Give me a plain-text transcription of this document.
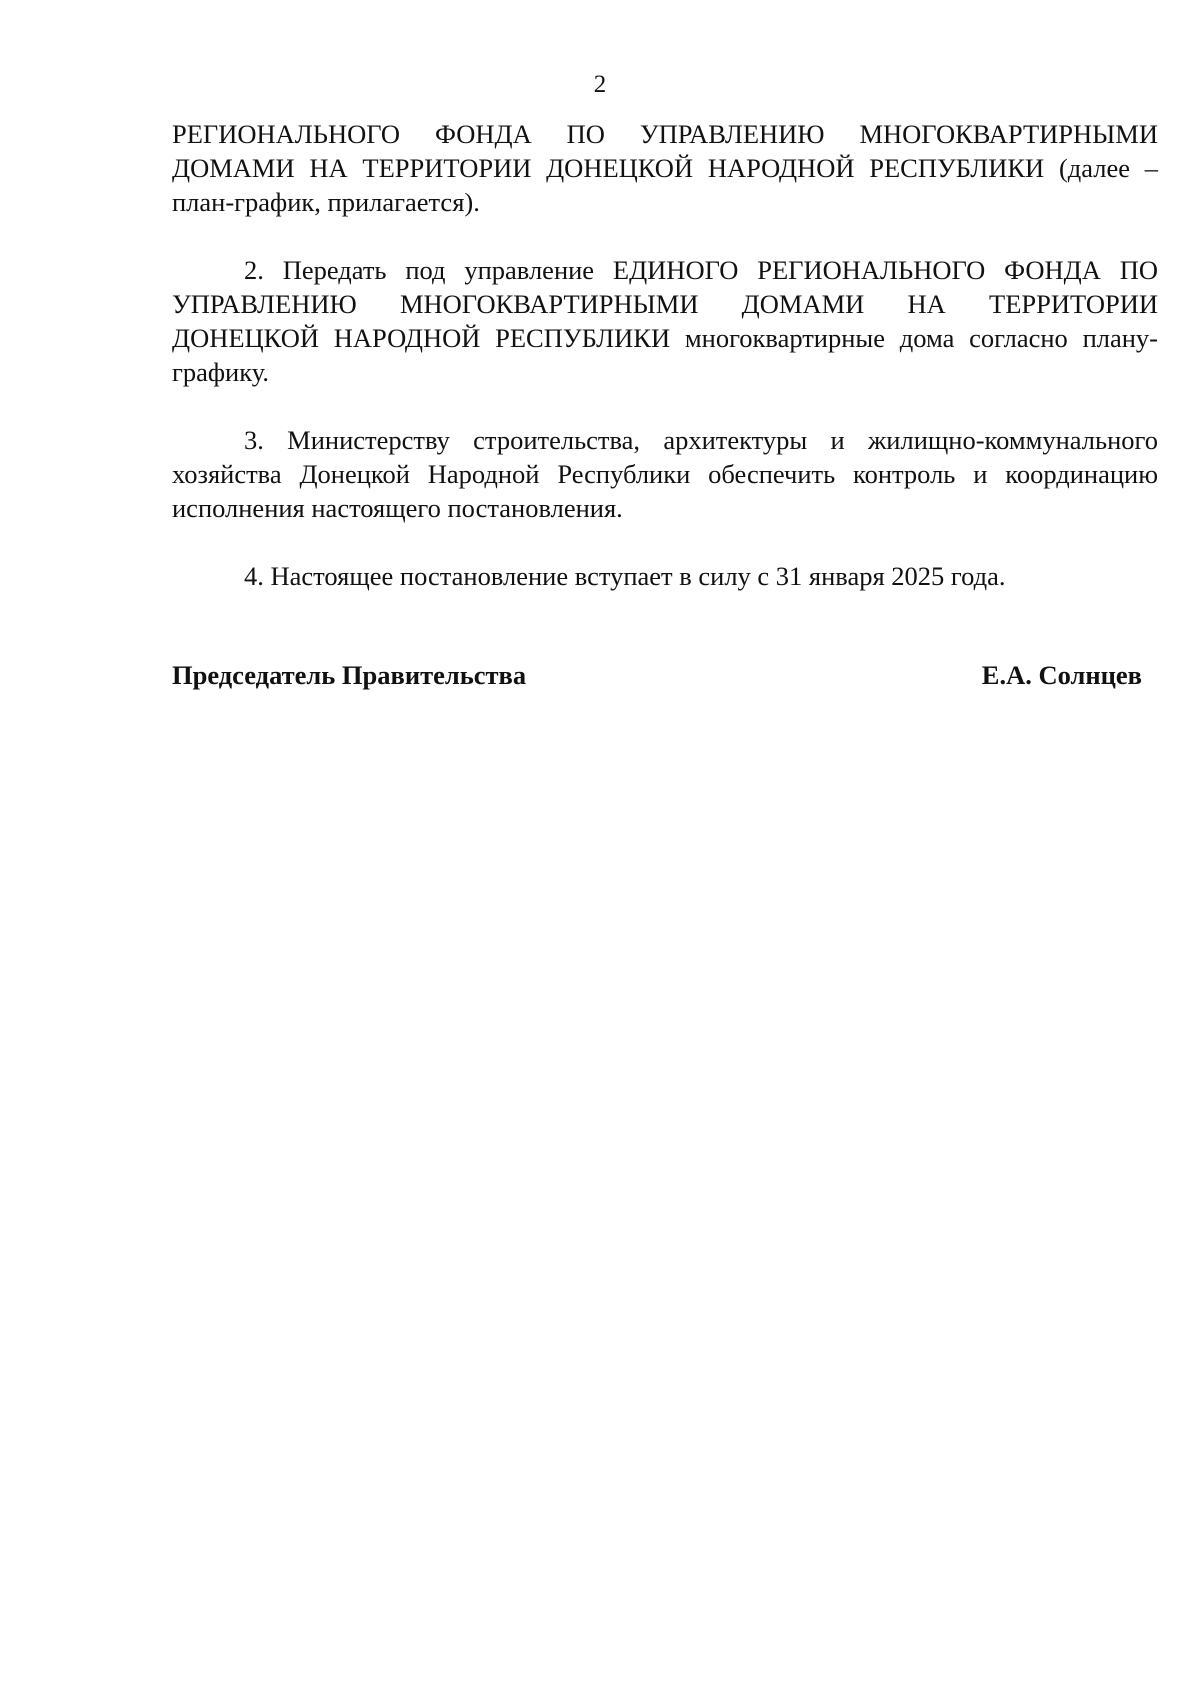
2

РЕГИОНАЛЬНОГО ФОНДА ПО УПРАВЛЕНИЮ МНОГОКВАРТИРНЫМИ ДОМАМИ НА ТЕРРИТОРИИ ДОНЕЦКОЙ НАРОДНОЙ РЕСПУБЛИКИ (далее – план-график, прилагается).

2. Передать под управление ЕДИНОГО РЕГИОНАЛЬНОГО ФОНДА ПО УПРАВЛЕНИЮ МНОГОКВАРТИРНЫМИ ДОМАМИ НА ТЕРРИТОРИИ ДОНЕЦКОЙ НАРОДНОЙ РЕСПУБЛИКИ многоквартирные дома согласно плану-графику.

3. Министерству строительства, архитектуры и жилищно-коммунального хозяйства Донецкой Народной Республики обеспечить контроль и координацию исполнения настоящего постановления.

4. Настоящее постановление вступает в силу с 31 января 2025 года.

Председатель Правительства	Е.А. Солнцев
